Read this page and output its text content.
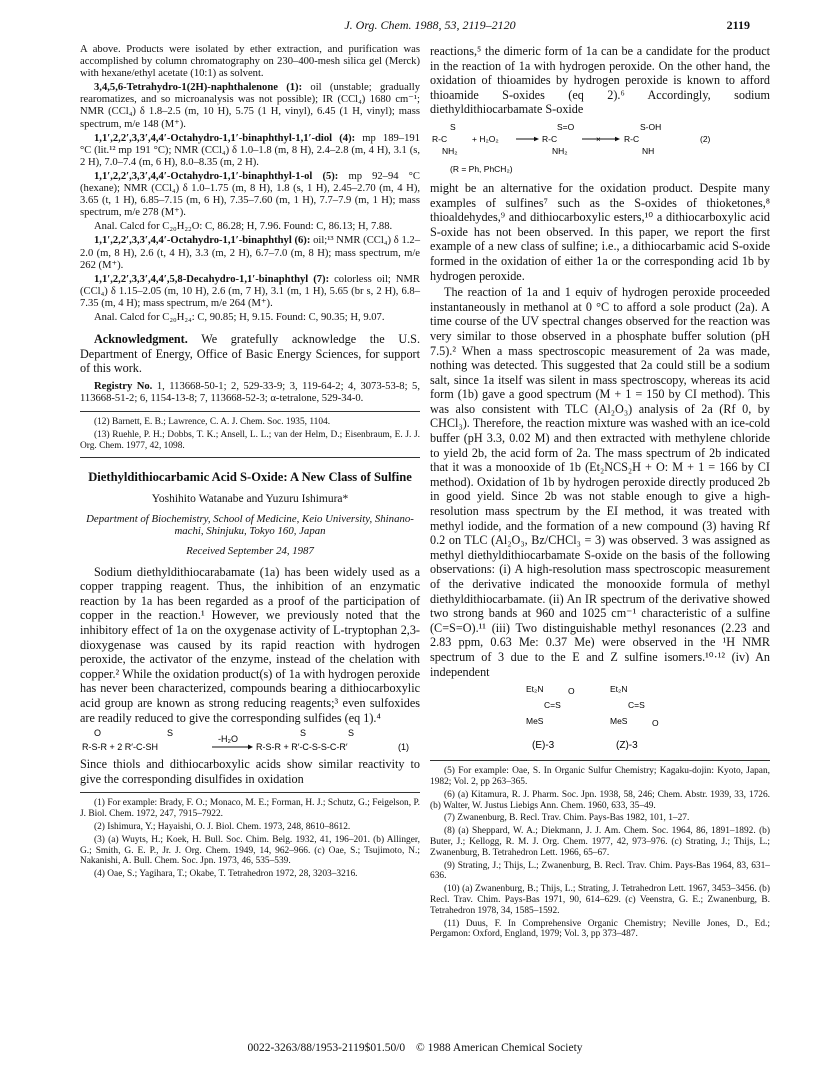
J. Org. Chem. 1988, 53, 2119–2120	2119

A above. Products were isolated by ether extraction, and purification was accomplished by column chromatography on 230–400-mesh silica gel (Merck) with hexane/ethyl acetate (10:1) as solvent.

3,4,5,6-Tetrahydro-1(2H)-naphthalenone (1): oil (unstable; gradually rearomatizes, and so microanalysis was not possible); IR (CCl₄) 1680 cm⁻¹; NMR (CCl₄) δ 1.8–2.5 (m, 10 H), 5.75 (1 H, vinyl), 6.45 (1 H, vinyl); mass spectrum, m/e 148 (M⁺).

1,1′,2,2′,3,3′,4,4′-Octahydro-1,1′-binaphthyl-1,1′-diol (4): mp 189–191 °C (lit.¹² mp 191 °C); NMR (CCl₄) δ 1.0–1.8 (m, 8 H), 2.4–2.8 (m, 4 H), 3.1 (s, 2 H), 7.0–7.4 (m, 6 H), 8.0–8.35 (m, 2 H).

1,1′,2,2′,3,3′,4,4′-Octahydro-1,1′-binaphthyl-1-ol (5): mp 92–94 °C (hexane); NMR (CCl₄) δ 1.0–1.75 (m, 8 H), 1.8 (s, 1 H), 2.45–2.70 (m, 4 H), 3.65 (t, 1 H), 6.85–7.15 (m, 6 H), 7.35–7.60 (m, 1 H), 7.7–7.9 (m, 1 H); mass spectrum, m/e 278 (M⁺).

Anal. Calcd for C₂₀H₂₂O: C, 86.28; H, 7.96. Found: C, 86.13; H, 7.88.

1,1′,2,2′,3,3′,4,4′-Octahydro-1,1′-binaphthyl (6): oil;¹³ NMR (CCl₄) δ 1.2–2.0 (m, 8 H), 2.6 (t, 4 H), 3.3 (m, 2 H), 6.7–7.0 (m, 8 H); mass spectrum, m/e 262 (M⁺).

1,1′,2,2′,3,3′,4,4′,5,8-Decahydro-1,1′-binaphthyl (7): colorless oil; NMR (CCl₄) δ 1.15–2.05 (m, 10 H), 2.6 (m, 7 H), 3.1 (m, 1 H), 5.65 (br s, 2 H), 6.8–7.35 (m, 4 H); mass spectrum, m/e 264 (M⁺).

Anal. Calcd for C₂₀H₂₄: C, 90.85; H, 9.15. Found: C, 90.35; H, 9.07.

Acknowledgment. We gratefully acknowledge the U.S. Department of Energy, Office of Basic Energy Sciences, for support of this work.

Registry No. 1, 113668-50-1; 2, 529-33-9; 3, 119-64-2; 4, 3073-53-8; 5, 113668-51-2; 6, 1154-13-8; 7, 113668-52-3; α-tetralone, 529-34-0.

(12) Barnett, E. B.; Lawrence, C. A. J. Chem. Soc. 1935, 1104.

(13) Ruehle, P. H.; Dobbs, T. K.; Ansell, L. L.; van der Helm, D.; Eisenbraum, E. J. J. Org. Chem. 1977, 42, 1098.

Diethyldithiocarbamic Acid S-Oxide: A New Class of Sulfine
Yoshihito Watanabe and Yuzuru Ishimura*
Department of Biochemistry, School of Medicine, Keio University, Shinano-machi, Shinjuku, Tokyo 160, Japan
Received September 24, 1987

Sodium diethyldithiocarabamate (1a) has been widely used as a copper trapping reagent. Thus, the inhibition of an enzymatic reaction by 1a has been regarded as a proof of the participation of copper in the reaction.¹ However, we previously noted that the inhibitory effect of 1a on the oxygenase activity of L-tryptophan 2,3-dioxygenase was caused by its rapid reaction with hydrogen peroxide, the activator of the enzyme, instead of the chelation with copper.² While the oxidation product(s) of 1a with hydrogen peroxide has never been characterized, compounds bearing a dithiocarboxylic acid group are known as strong reducing reagents;³ even sulfoxides are readily reduced to give the corresponding sulfides (eq 1).⁴

O	S	S	S
R-S-R + 2 R′-C-SH
-H₂O
R-S-R + R′-C-S-S-C-R′	(1)

Since thiols and dithiocarboxylic acids show similar reactivity to give the corresponding disulfides in oxidation

(1) For example: Brady, F. O.; Monaco, M. E.; Forman, H. J.; Schutz, G.; Feigelson, P. J. Biol. Chem. 1972, 247, 7915–7922.

(2) Ishimura, Y.; Hayaishi, O. J. Biol. Chem. 1973, 248, 8610–8612.

(3) (a) Wuyts, H.; Koek, H. Bull. Soc. Chim. Belg. 1932, 41, 196–201. (b) Allinger, G.; Smith, G. E. P., Jr. J. Org. Chem. 1949, 14, 962–966. (c) Oae, S.; Tsujimoto, N.; Nakanishi, A. Bull. Chem. Soc. Jpn. 1973, 46, 535–539.

(4) Oae, S.; Yagihara, T.; Okabe, T. Tetrahedron 1972, 28, 3203–3216.

reactions,⁵ the dimeric form of 1a can be a candidate for the product in the reaction of 1a with hydrogen peroxide. On the other hand, the oxidation of thioamides by hydrogen peroxide is known to afford thioamide S-oxides (eq 2).⁶ Accordingly, sodium diethyldithiocarbamate S-oxide

S
R-C
NH₂
+ H₂O₂
S=O
R-C
NH₂
×
S-OH
R-C
NH
(2)
(R = Ph, PhCH₂)

might be an alternative for the oxidation product. Despite many examples of sulfines⁷ such as the S-oxides of thioketones,⁸ thioaldehydes,⁹ and dithiocarboxylic esters,¹⁰ a dithiocarboxylic acid S-oxide has not been observed. In this paper, we report the first example of a new class of sulfine; i.e., a dithiocarbamic acid S-oxide formed in the oxidation of either 1a or the corresponding acid 1b by hydrogen peroxide.

The reaction of 1a and 1 equiv of hydrogen peroxide proceeded instantaneously in methanol at 0 °C to afford a sole product (2a). A time course of the UV spectral changes observed for the reaction was very similar to those observed in a phosphate buffer solution (pH 7.5).² When a mass spectroscopic measurement of 2a was made, nothing was detected. This suggested that 2a could still be a sodium salt, since 1a itself was silent in mass spectroscopy, whereas its acid form (1b) gave a good spectrum (M + 1 = 150 by CI method). This was also consistent with TLC (Al₂O₃) analysis of 2a (Rf 0, by CHCl₃). Therefore, the reaction mixture was washed with an ice-cold buffer (pH 3.3, 0.02 M) and then extracted with methylene chloride to yield 2b, the acid form of 2a. The mass spectrum of 2b indicated that it was a monooxide of 1b (Et₂NCS₂H + O: M + 1 = 166 by CI method). Oxidation of 1b by hydrogen peroxide directly produced 2b in good yield. Since 2b was not stable enough to give a high-resolution mass spectrum by the EI method, it was treated with methyl iodide, and the formation of a new compound (3) having Rf 0.2 on TLC (Al₂O₃, Bz/CHCl₃ = 3) was observed. 3 was assigned as methyl diethyldithiocarbamate S-oxide on the basis of the following observations: (i) A high-resolution mass spectroscopic measurement of the derivative indicated the monooxide formula of methyl diethyldithiocarbamate. (ii) An IR spectrum of the derivative showed two strong bands at 960 and 1025 cm⁻¹ characteristic of a sulfine (C=S=O).¹¹ (iii) Two distinguishable methyl resonances (2.23 and 2.83 ppm, 0.63 Me: 0.37 Me) were observed in the ¹H NMR spectrum of 3 due to the E and Z sulfine isomers.¹⁰·¹² (iv) An independent

Et₂N
C=S
O
MeS
(E)-3
Et₂N
C=S
MeS	O
(Z)-3

(5) For example: Oae, S. In Organic Sulfur Chemistry; Kagaku-dojin: Kyoto, Japan, 1982; Vol. 2, pp 263–365.

(6) (a) Kitamura, R. J. Pharm. Soc. Jpn. 1938, 58, 246; Chem. Abstr. 1939, 33, 1726. (b) Walter, W. Justus Liebigs Ann. Chem. 1960, 633, 35–49.

(7) Zwanenburg, B. Recl. Trav. Chim. Pays-Bas 1982, 101, 1–27.

(8) (a) Sheppard, W. A.; Diekmann, J. J. Am. Chem. Soc. 1964, 86, 1891–1892. (b) Buter, J.; Kellogg, R. M. J. Org. Chem. 1977, 42, 973–976. (c) Strating, J.; Thijs, L.; Zwanenburg, B. Tetrahedron Lett. 1966, 65–67.

(9) Strating, J.; Thijs, L.; Zwanenburg, B. Recl. Trav. Chim. Pays-Bas 1964, 83, 631–636.

(10) (a) Zwanenburg, B.; Thijs, L.; Strating, J. Tetrahedron Lett. 1967, 3453–3456. (b) Recl. Trav. Chim. Pays-Bas 1971, 90, 614–629. (c) Veenstra, G. E.; Zwanenburg, B. Tetrahedron 1978, 34, 1585–1592.

(11) Duus, F. In Comprehensive Organic Chemistry; Neville Jones, D., Ed.; Pergamon: Oxford, England, 1979; Vol. 3, pp 373–487.

0022-3263/88/1953-2119$01.50/0 © 1988 American Chemical Society
